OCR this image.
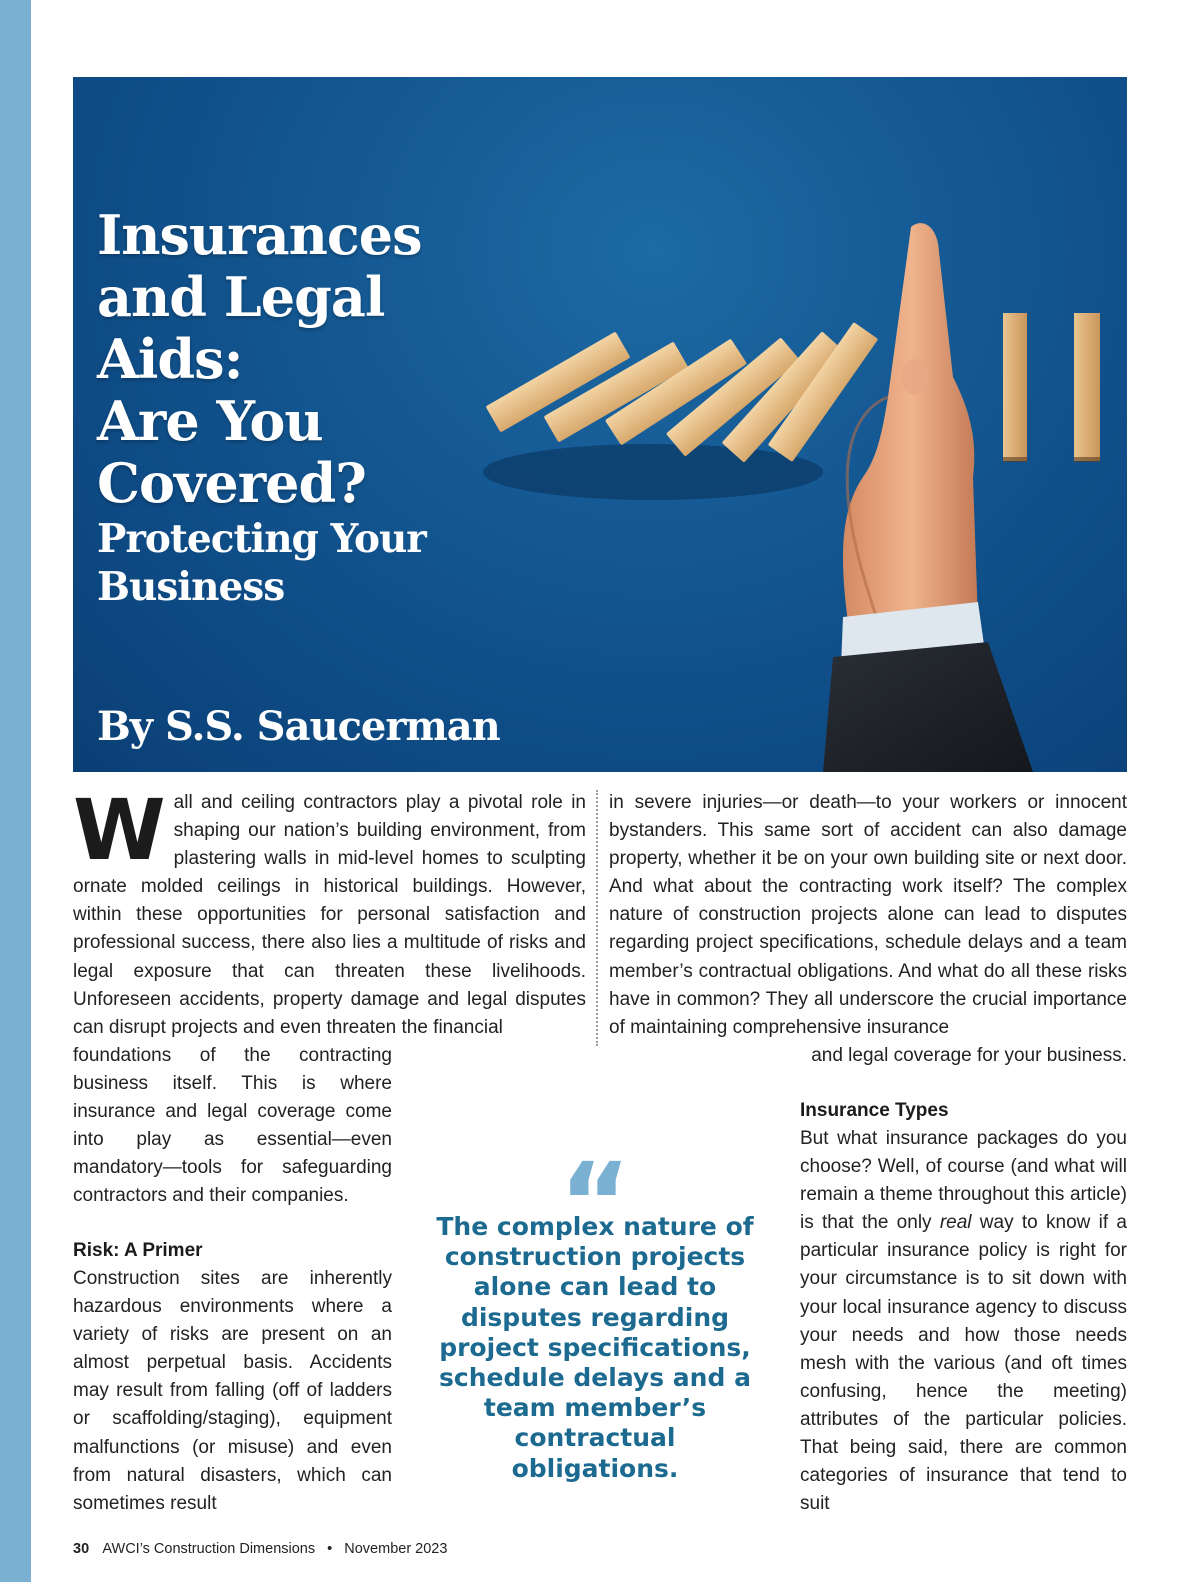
Insurances
and Legal
Aids:
Are You
Covered?
Protecting Your
Business

By S.S. Saucerman

W all and ceiling contractors play a pivotal role in shaping our nation’s building environment, from plastering walls in mid-level homes to sculpting ornate molded ceilings in historical buildings. However, within these opportunities for personal satisfaction and professional success, there also lies a multitude of risks and legal exposure that can threaten these livelihoods. Unforeseen accidents, property damage and legal disputes can disrupt projects and even threaten the financial
foundations of the contracting business itself. This is where insurance and legal coverage come into play as essential—even mandatory—tools for safeguarding contractors and their companies.

in severe injuries—or death—to your workers or innocent bystanders. This same sort of accident can also damage property, whether it be on your own building site or next door. And what about the contracting work itself? The complex nature of construction projects alone can lead to disputes regarding project specifications, schedule delays and a team member’s contractual obligations. And what do all these risks have in common? They all underscore the crucial importance of maintaining comprehensive insurance

and legal coverage for your business.

Risk: A Primer
Construction sites are inherently hazardous environments where a variety of risks are present on an almost perpetual basis. Accidents may result from falling (off of ladders or scaffolding/staging), equipment malfunctions (or misuse) and even from natural disasters, which can sometimes result
Insurance Types
But what insurance packages do you choose? Well, of course (and what will remain a theme throughout this article) is that the only real way to know if a particular insurance policy is right for your circumstance is to sit down with your local insurance agency to discuss your needs and how those needs mesh with the various (and oft times confusing, hence the meeting) attributes of the particular policies. That being said, there are common categories of insurance that tend to suit
“

The complex nature of construction projects alone can lead to disputes regarding project specifications, schedule delays and a team member’s contractual obligations.

30 AWCI’s Construction Dimensions • November 2023
